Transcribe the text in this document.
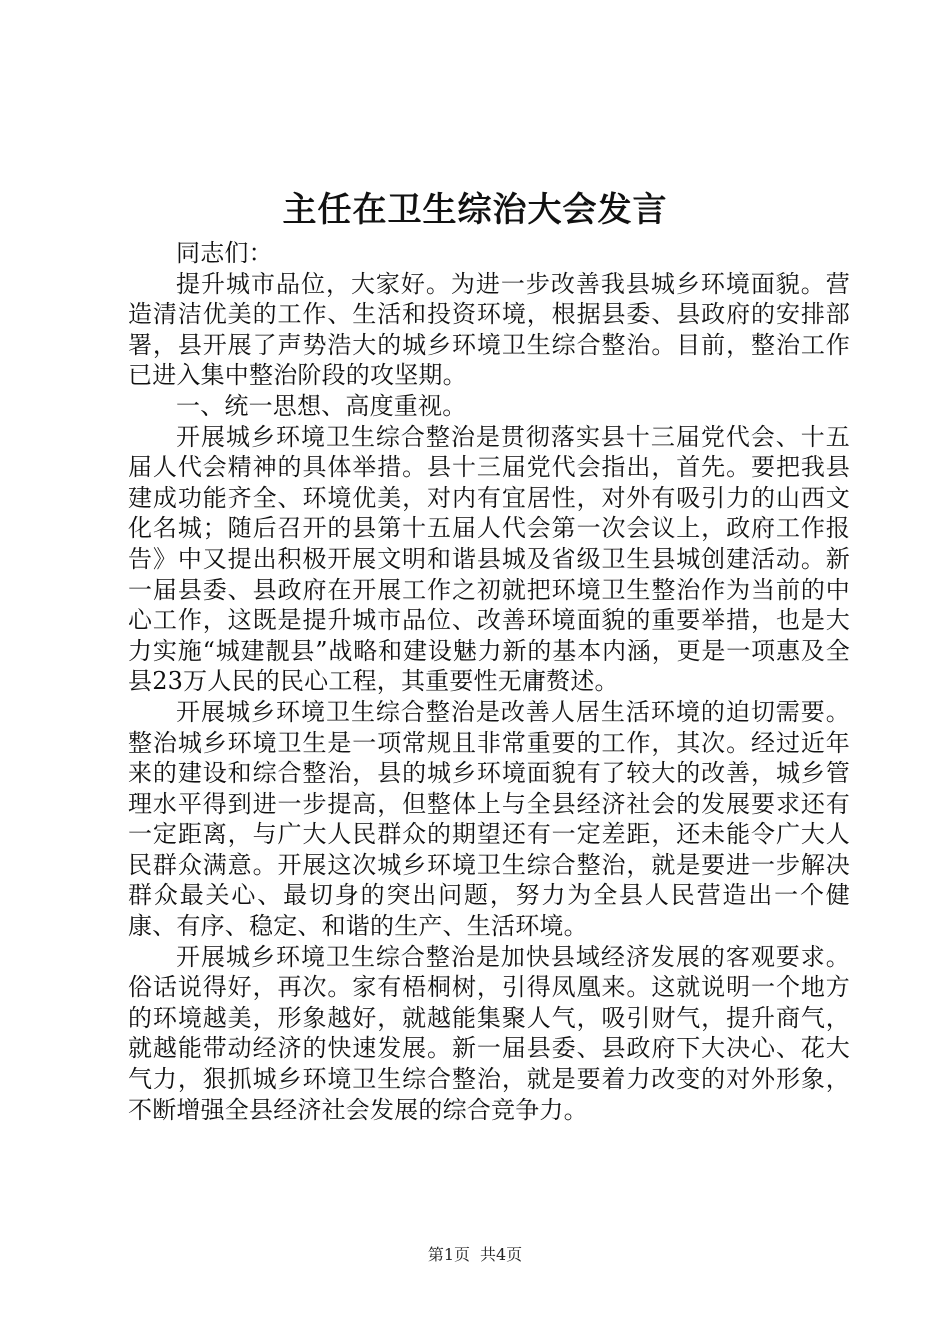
主任在卫生综治大会发言

同志们：

提升城市品位，大家好。为进一步改善我县城乡环境面貌。营造清洁优美的工作、生活和投资环境，根据县委、县政府的安排部署，县开展了声势浩大的城乡环境卫生综合整治。目前，整治工作已进入集中整治阶段的攻坚期。

一、统一思想、高度重视。

开展城乡环境卫生综合整治是贯彻落实县十三届党代会、十五届人代会精神的具体举措。县十三届党代会指出，首先。要把我县建成功能齐全、环境优美，对内有宜居性，对外有吸引力的山西文化名城；随后召开的县第十五届人代会第一次会议上，政府工作报告》中又提出积极开展文明和谐县城及省级卫生县城创建活动。新一届县委、县政府在开展工作之初就把环境卫生整治作为当前的中心工作，这既是提升城市品位、改善环境面貌的重要举措，也是大力实施“城建靓县”战略和建设魅力新的基本内涵，更是一项惠及全县23万人民的民心工程，其重要性无庸赘述。

开展城乡环境卫生综合整治是改善人居生活环境的迫切需要。整治城乡环境卫生是一项常规且非常重要的工作，其次。经过近年来的建设和综合整治，县的城乡环境面貌有了较大的改善，城乡管理水平得到进一步提高，但整体上与全县经济社会的发展要求还有一定距离，与广大人民群众的期望还有一定差距，还未能令广大人民群众满意。开展这次城乡环境卫生综合整治，就是要进一步解决群众最关心、最切身的突出问题，努力为全县人民营造出一个健康、有序、稳定、和谐的生产、生活环境。

开展城乡环境卫生综合整治是加快县域经济发展的客观要求。俗话说得好，再次。家有梧桐树，引得凤凰来。这就说明一个地方的环境越美，形象越好，就越能集聚人气，吸引财气，提升商气，就越能带动经济的快速发展。新一届县委、县政府下大决心、花大气力，狠抓城乡环境卫生综合整治，就是要着力改变的对外形象，不断增强全县经济社会发展的综合竞争力。

第1页 共4页
